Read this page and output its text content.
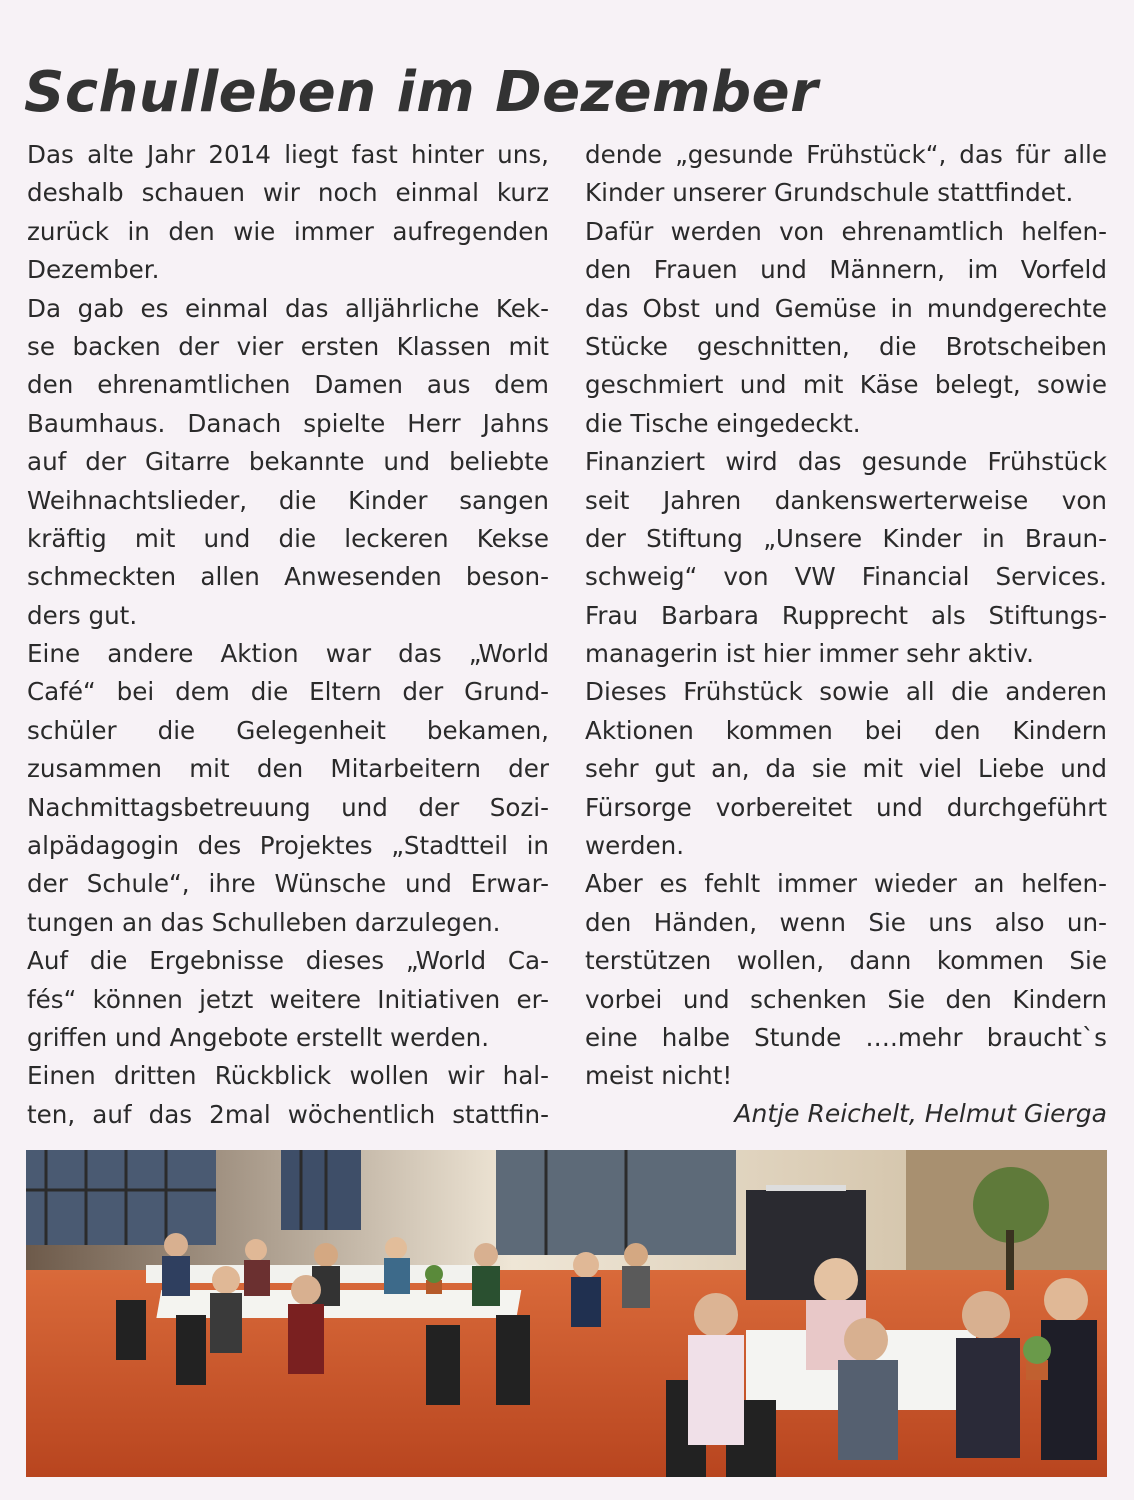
Schulleben im Dezember
Das alte Jahr 2014 liegt fast hinter uns,
deshalb schauen wir noch einmal kurz
zurück in den wie immer aufregenden
Dezember.
Da gab es einmal das alljährliche Kek-
se backen der vier ersten Klassen mit
den ehrenamtlichen Damen aus dem
Baumhaus. Danach spielte Herr Jahns
auf der Gitarre bekannte und beliebte
Weihnachtslieder, die Kinder sangen
kräftig mit und die leckeren Kekse
schmeckten allen Anwesenden beson-
ders gut.
Eine andere Aktion war das „World
Café“ bei dem die Eltern der Grund-
schüler die Gelegenheit bekamen,
zusammen mit den Mitarbeitern der
Nachmittagsbetreuung und der Sozi-
alpädagogin des Projektes „Stadtteil in
der Schule“, ihre Wünsche und Erwar-
tungen an das Schulleben darzulegen.
Auf die Ergebnisse dieses „World Ca-
fés“ können jetzt weitere Initiativen er-
griffen und Angebote erstellt werden.
Einen dritten Rückblick wollen wir hal-
ten, auf das 2mal wöchentlich stattfin-
dende „gesunde Frühstück“, das für alle
Kinder unserer Grundschule stattfindet.
Dafür werden von ehrenamtlich helfen-
den Frauen und Männern, im Vorfeld
das Obst und Gemüse in mundgerechte
Stücke geschnitten, die Brotscheiben
geschmiert und mit Käse belegt, sowie
die Tische eingedeckt.
Finanziert wird das gesunde Frühstück
seit Jahren dankenswerterweise von
der Stiftung „Unsere Kinder in Braun-
schweig“ von VW Financial Services.
Frau Barbara Rupprecht als Stiftungs-
managerin ist hier immer sehr aktiv.
Dieses Frühstück sowie all die anderen
Aktionen kommen bei den Kindern
sehr gut an, da sie mit viel Liebe und
Fürsorge vorbereitet und durchgeführt
werden.
Aber es fehlt immer wieder an helfen-
den Händen, wenn Sie uns also un-
terstützen wollen, dann kommen Sie
vorbei und schenken Sie den Kindern
eine halbe Stunde ….mehr braucht`s
meist nicht!
Antje Reichelt, Helmut Gierga
